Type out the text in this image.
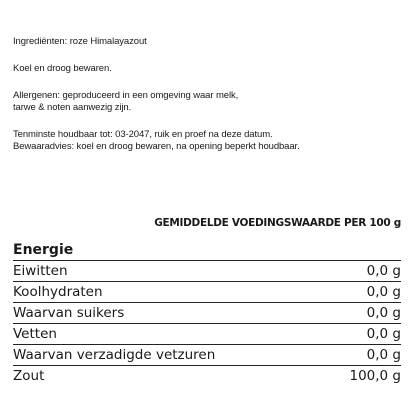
Ingrediënten: roze Himalayazout

Koel en droog bewaren.

Allergenen: geproduceerd in een omgeving waar melk,

tarwe & noten aanwezig zijn.

Tenminste houdbaar tot: 03-2047, ruik en proef na deze datum.

Bewaaradvies: koel en droog bewaren, na opening beperkt houdbaar.

GEMIDDELDE VOEDINGSWAARDE PER 100 g
Energie
Eiwitten	0,0 g
Koolhydraten	0,0 g
Waarvan suikers	0,0 g
Vetten	0,0 g
Waarvan verzadigde vetzuren	0,0 g
Zout	100,0 g
